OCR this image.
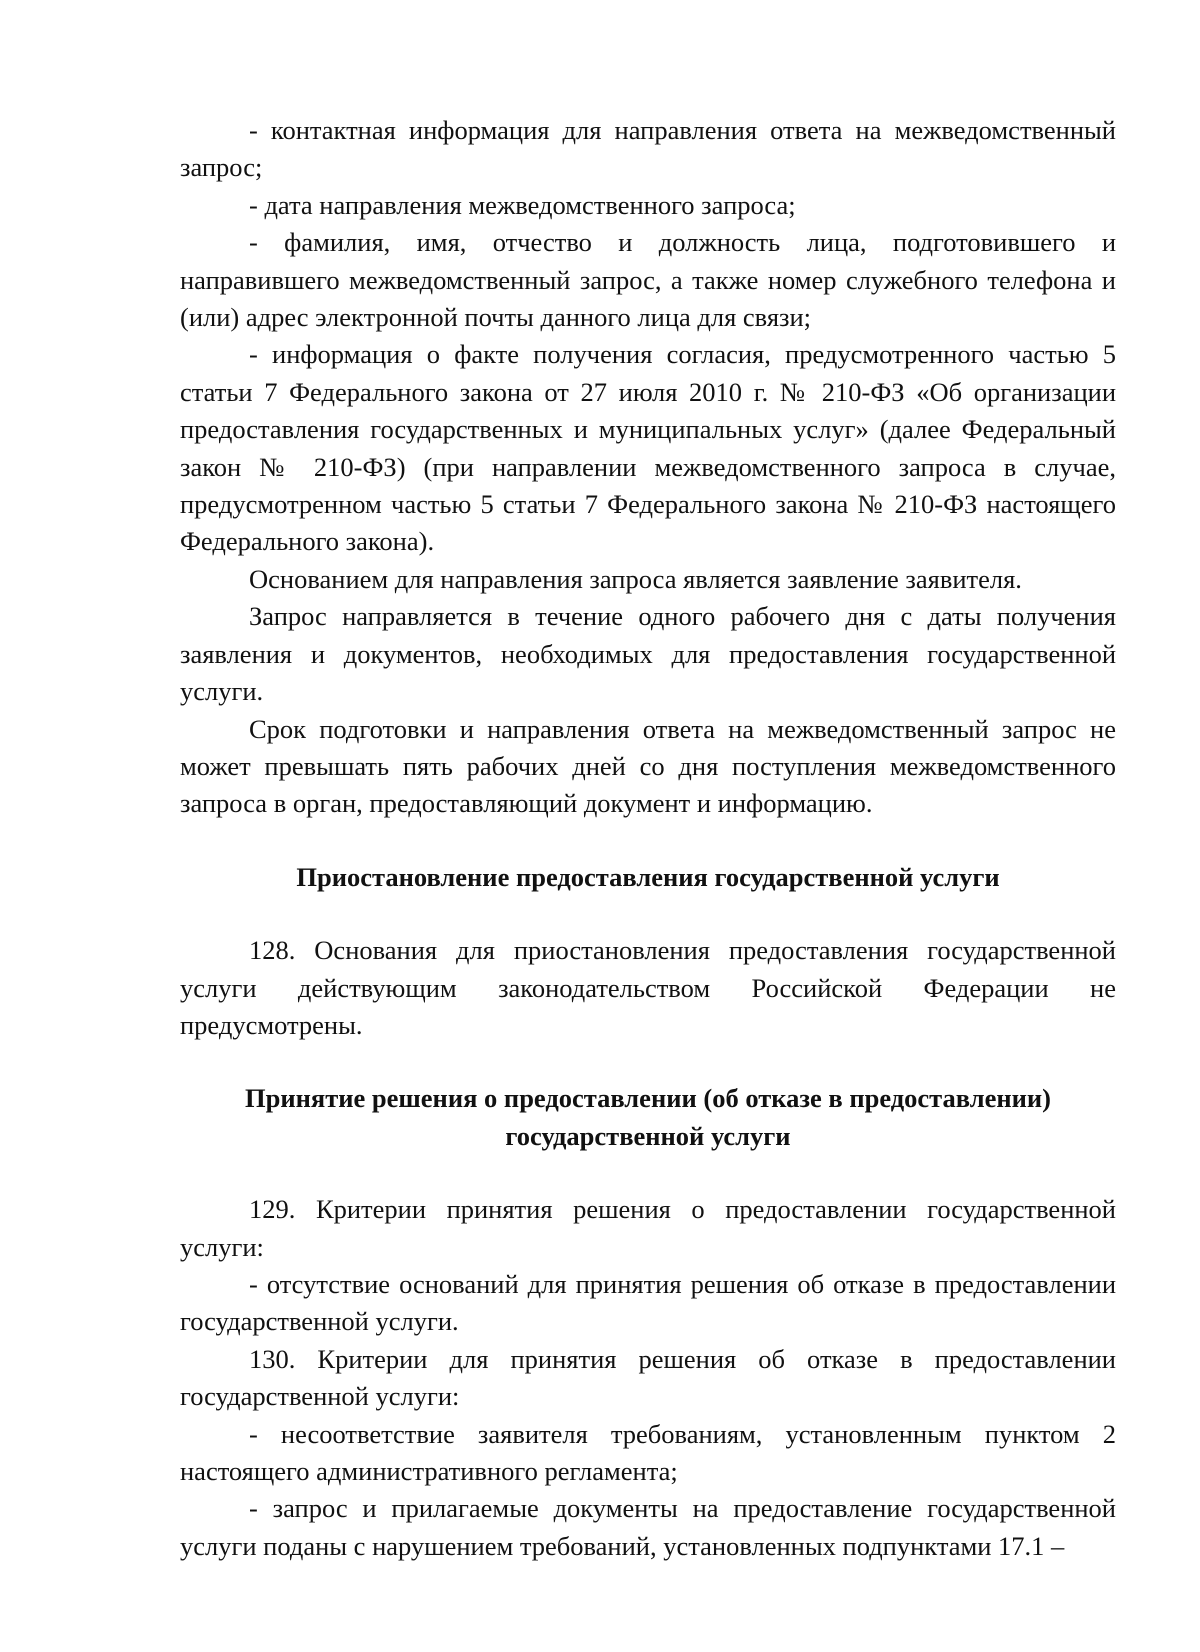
- контактная информация для направления ответа на межведомственный запрос;

- дата направления межведомственного запроса;

- фамилия, имя, отчество и должность лица, подготовившего и направившего межведомственный запрос, а также номер служебного телефона и (или) адрес электронной почты данного лица для связи;

- информация о факте получения согласия, предусмотренного частью 5 статьи 7 Федерального закона от 27 июля 2010 г. № 210-ФЗ «Об организации предоставления государственных и муниципальных услуг» (далее Федеральный закон № 210-ФЗ) (при направлении межведомственного запроса в случае, предусмотренном частью 5 статьи 7 Федерального закона № 210-ФЗ настоящего Федерального закона).

Основанием для направления запроса является заявление заявителя.

Запрос направляется в течение одного рабочего дня с даты получения заявления и документов, необходимых для предоставления государственной услуги.

Срок подготовки и направления ответа на межведомственный запрос не может превышать пять рабочих дней со дня поступления межведомственного запроса в орган, предоставляющий документ и информацию.

Приостановление предоставления государственной услуги

128. Основания для приостановления предоставления государственной услуги действующим законодательством Российской Федерации не предусмотрены.

Принятие решения о предоставлении (об отказе в предоставлении)
государственной услуги

129. Критерии принятия решения о предоставлении государственной услуги:

- отсутствие оснований для принятия решения об отказе в предоставлении государственной услуги.

130. Критерии для принятия решения об отказе в предоставлении государственной услуги:

- несоответствие заявителя требованиям, установленным пунктом 2 настоящего административного регламента;

- запрос и прилагаемые документы на предоставление государственной услуги поданы с нарушением требований, установленных подпунктами 17.1 –
